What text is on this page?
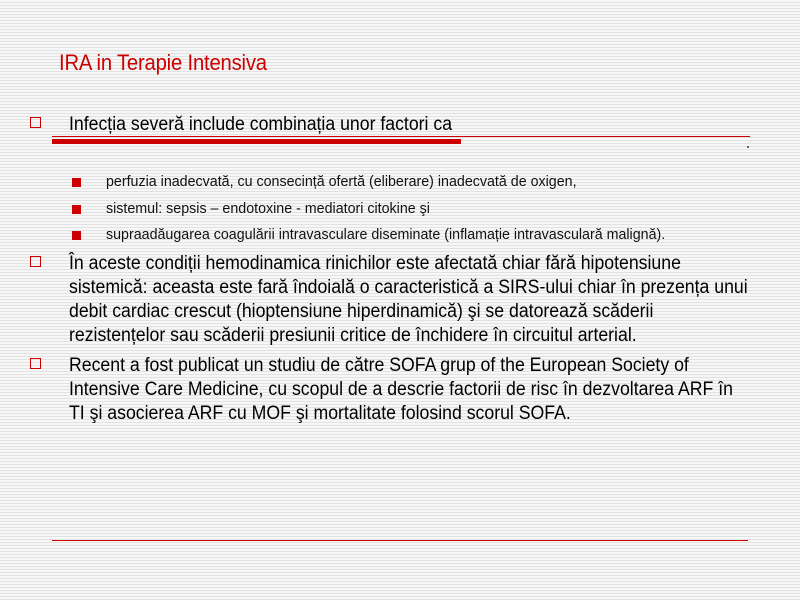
IRA in Terapie Intensiva
Infecția severă include combinația unor factori ca
perfuzia inadecvată, cu consecință ofertă (eliberare) inadecvată de oxigen,
sistemul: sepsis – endotoxine - mediatori citokine şi
supraadăugarea coagulării intravasculare diseminate (inflamație intravasculară malignă).
În aceste condiții hemodinamica rinichilor este afectată chiar fără hipotensiune
sistemică: aceasta este fară îndoială o caracteristică a SIRS-ului chiar în prezența unui
debit cardiac crescut (hioptensiune hiperdinamică) şi se datorează scăderii
rezistențelor sau scăderii presiunii critice de închidere în circuitul arterial.
Recent a fost publicat un studiu de către SOFA grup of the European Society of
Intensive Care Medicine, cu scopul de a descrie factorii de risc în dezvoltarea ARF în
TI şi asocierea ARF cu MOF şi mortalitate folosind scorul SOFA.
